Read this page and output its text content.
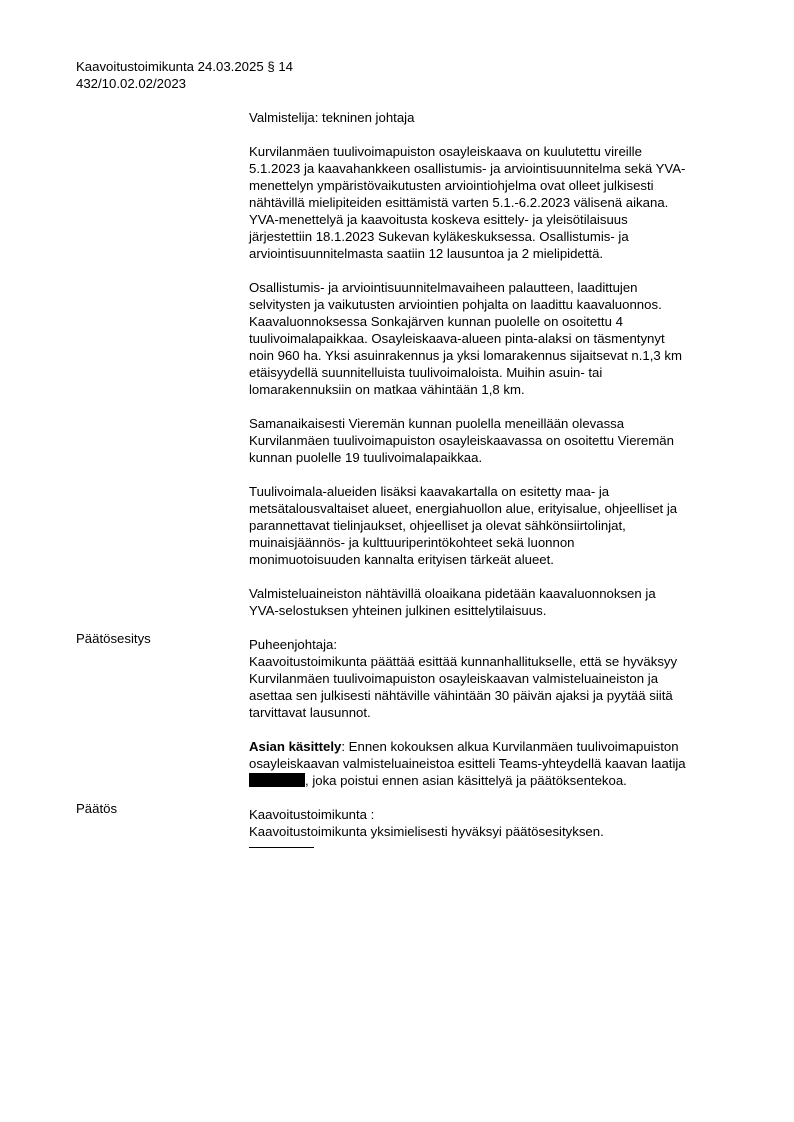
Kaavoitustoimikunta 24.03.2025 § 14
432/10.02.02/2023
Valmistelija: tekninen johtaja
Kurvilanmäen tuulivoimapuiston osayleiskaava on kuulutettu vireille
5.1.2023 ja kaavahankkeen osallistumis- ja arviointisuunnitelma sekä YVA-
menettelyn ympäristövaikutusten arviointiohjelma ovat olleet julkisesti
nähtävillä mielipiteiden esittämistä varten 5.1.-6.2.2023 välisenä aikana.
YVA-menettelyä ja kaavoitusta koskeva esittely- ja yleisötilaisuus
järjestettiin 18.1.2023 Sukevan kyläkeskuksessa. Osallistumis- ja
arviointisuunnitelmasta saatiin 12 lausuntoa ja 2 mielipidettä.
Osallistumis- ja arviointisuunnitelmavaiheen palautteen, laadittujen
selvitysten ja vaikutusten arviointien pohjalta on laadittu kaavaluonnos.
Kaavaluonnoksessa Sonkajärven kunnan puolelle on osoitettu 4
tuulivoimalapaikkaa. Osayleiskaava-alueen pinta-alaksi on täsmentynyt
noin 960 ha. Yksi asuinrakennus ja yksi lomarakennus sijaitsevat n.1,3 km
etäisyydellä suunnitelluista tuulivoimaloista. Muihin asuin- tai
lomarakennuksiin on matkaa vähintään 1,8 km.
Samanaikaisesti Vieremän kunnan puolella meneillään olevassa
Kurvilanmäen tuulivoimapuiston osayleiskaavassa on osoitettu Vieremän
kunnan puolelle 19 tuulivoimalapaikkaa.
Tuulivoimala-alueiden lisäksi kaavakartalla on esitetty maa- ja
metsätalousvaltaiset alueet, energiahuollon alue, erityisalue, ohjeelliset ja
parannettavat tielinjaukset, ohjeelliset ja olevat sähkönsiirtolinjat,
muinaisjäännös- ja kulttuuriperintökohteet sekä luonnon
monimuotoisuuden kannalta erityisen tärkeät alueet.
Valmisteluaineiston nähtävillä oloaikana pidetään kaavaluonnoksen ja
YVA-selostuksen yhteinen julkinen esittelytilaisuus.
Puheenjohtaja:
Kaavoitustoimikunta päättää esittää kunnanhallitukselle, että se hyväksyy
Kurvilanmäen tuulivoimapuiston osayleiskaavan valmisteluaineiston ja
asettaa sen julkisesti nähtäville vähintään 30 päivän ajaksi ja pyytää siitä
tarvittavat lausunnot.
Asian käsittely: Ennen kokouksen alkua Kurvilanmäen tuulivoimapuiston
osayleiskaavan valmisteluaineistoa esitteli Teams-yhteydellä kaavan laatija
, joka poistui ennen asian käsittelyä ja päätöksentekoa.
Kaavoitustoimikunta :
Kaavoitustoimikunta yksimielisesti hyväksyi päätösesityksen.
Päätösesitys
Päätös
